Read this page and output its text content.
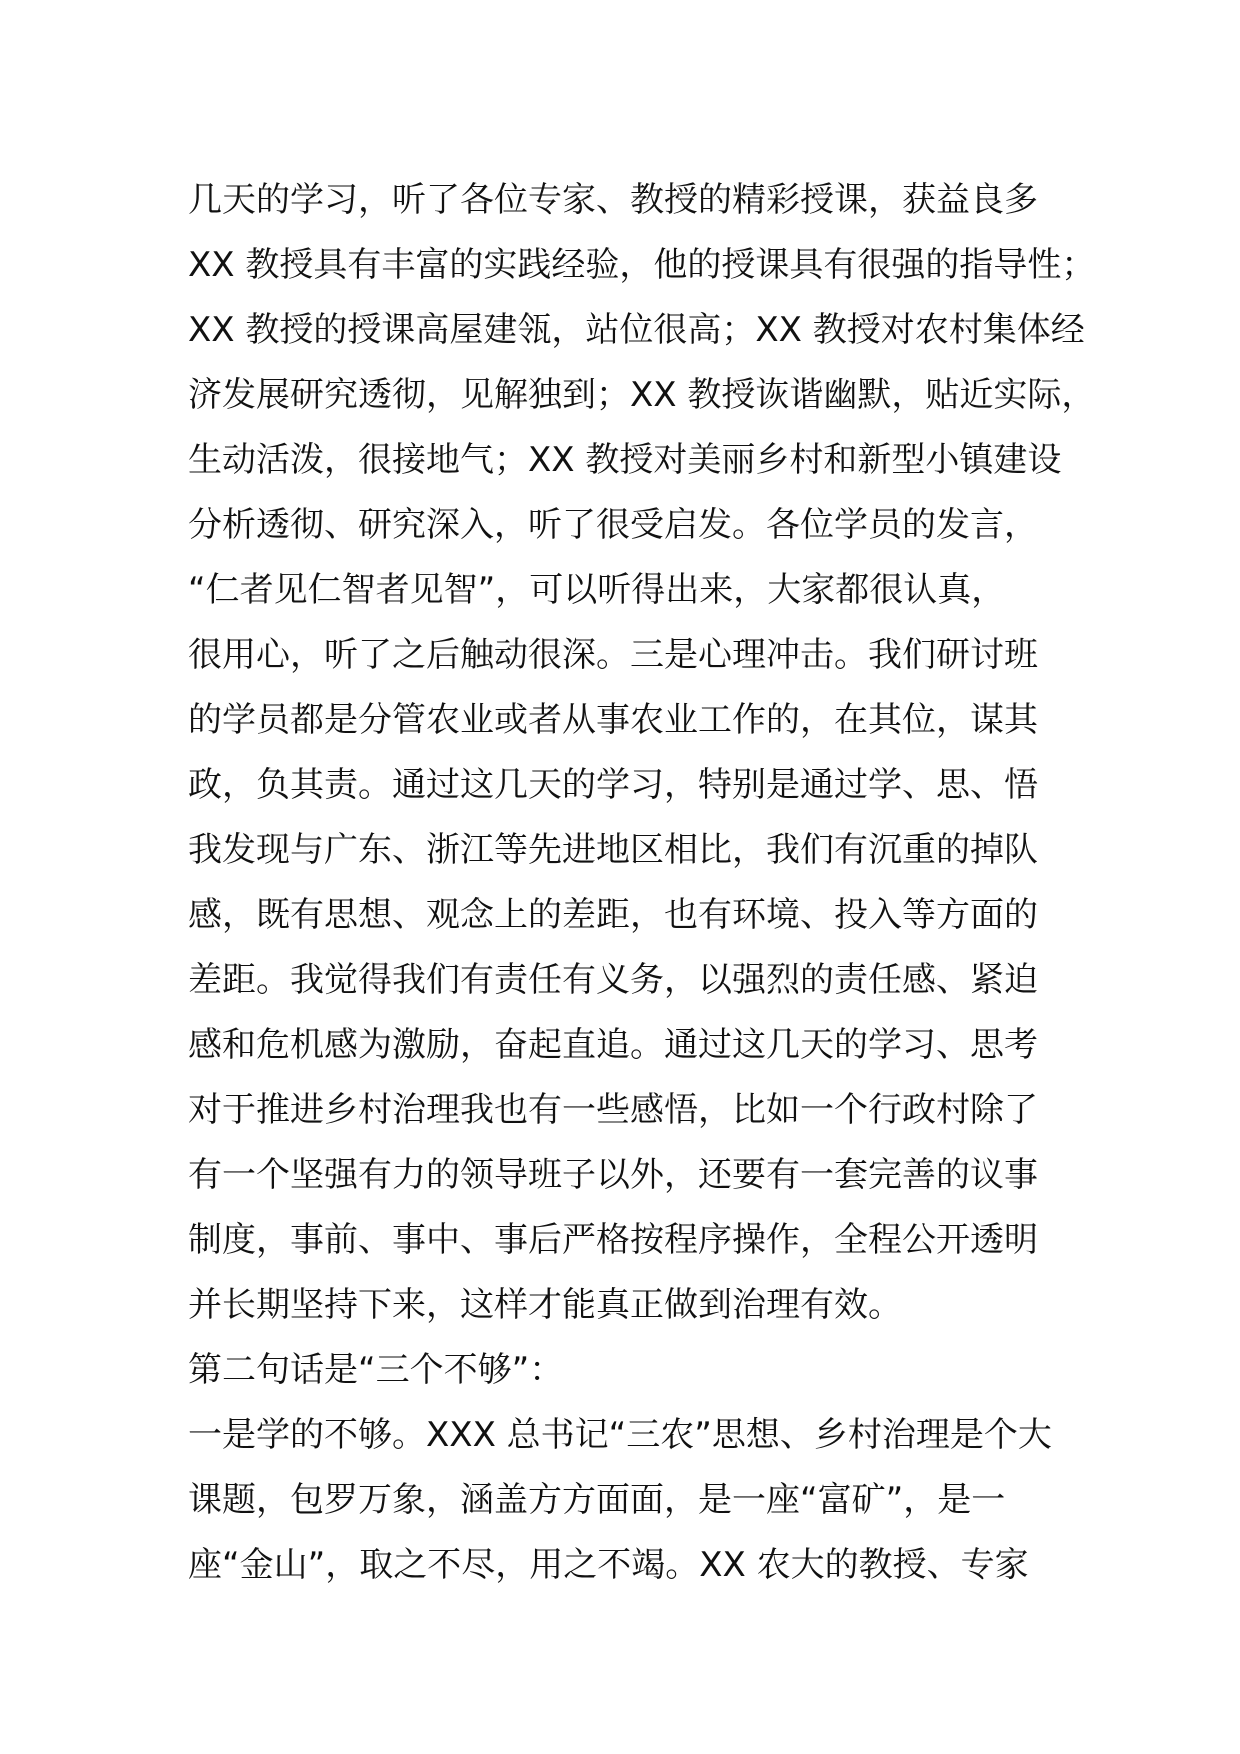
几天的学习，听了各位专家、教授的精彩授课，获益良多
XX 教授具有丰富的实践经验，他的授课具有很强的指导性；
XX 教授的授课高屋建瓴，站位很高；XX 教授对农村集体经
济发展研究透彻，见解独到；XX 教授诙谐幽默，贴近实际，
生动活泼，很接地气；XX 教授对美丽乡村和新型小镇建设
分析透彻、研究深入，听了很受启发。各位学员的发言，
“仁者见仁智者见智”，可以听得出来，大家都很认真，
很用心，听了之后触动很深。三是心理冲击。我们研讨班
的学员都是分管农业或者从事农业工作的，在其位，谋其
政，负其责。通过这几天的学习，特别是通过学、思、悟
我发现与广东、浙江等先进地区相比，我们有沉重的掉队
感，既有思想、观念上的差距，也有环境、投入等方面的
差距。我觉得我们有责任有义务，以强烈的责任感、紧迫
感和危机感为激励，奋起直追。通过这几天的学习、思考
对于推进乡村治理我也有一些感悟，比如一个行政村除了
有一个坚强有力的领导班子以外，还要有一套完善的议事
制度，事前、事中、事后严格按程序操作，全程公开透明
并长期坚持下来，这样才能真正做到治理有效。
第二句话是“三个不够”：
一是学的不够。XXX 总书记“三农”思想、乡村治理是个大
课题，包罗万象，涵盖方方面面，是一座“富矿”，是一
座“金山”，取之不尽，用之不竭。XX 农大的教授、专家
